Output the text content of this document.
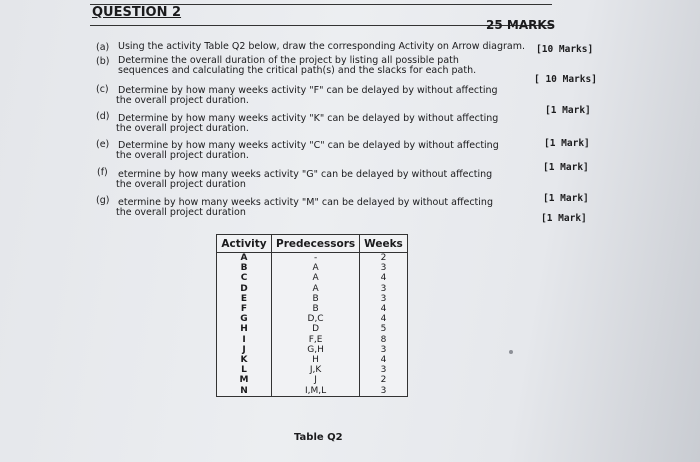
QUESTION 2
25 MARKS
(a) Using the activity Table Q2 below, draw the corresponding Activity on Arrow diagram. [10 Marks]
(b) Determine the overall duration of the project by listing all possible path
sequences and calculating the critical path(s) and the slacks for each path.
[ 10 Marks]
(c) Determine by how many weeks activity "F" can be delayed by without affecting
the overall project duration.
[1 Mark]
(d) Determine by how many weeks activity "K" can be delayed by without affecting
the overall project duration.
[1 Mark]
(e) Determine by how many weeks activity "C" can be delayed by without affecting
the overall project duration.
[1 Mark]
(f) etermine by how many weeks activity "G" can be delayed by without affecting
the overall project duration
[1 Mark]
(g) etermine by how many weeks activity "M" can be delayed by without affecting
the overall project duration
[1 Mark]
Activity	Predecessors	Weeks
A	-	2
B	A	3
C	A	4
D	A	3
E	B	3
F	B	4
G	D,C	4
H	D	5
I	F,E	8
J	G,H	3
K	H	4
L	J,K	3
M	J	2
N	I,M,L	3
Table Q2
